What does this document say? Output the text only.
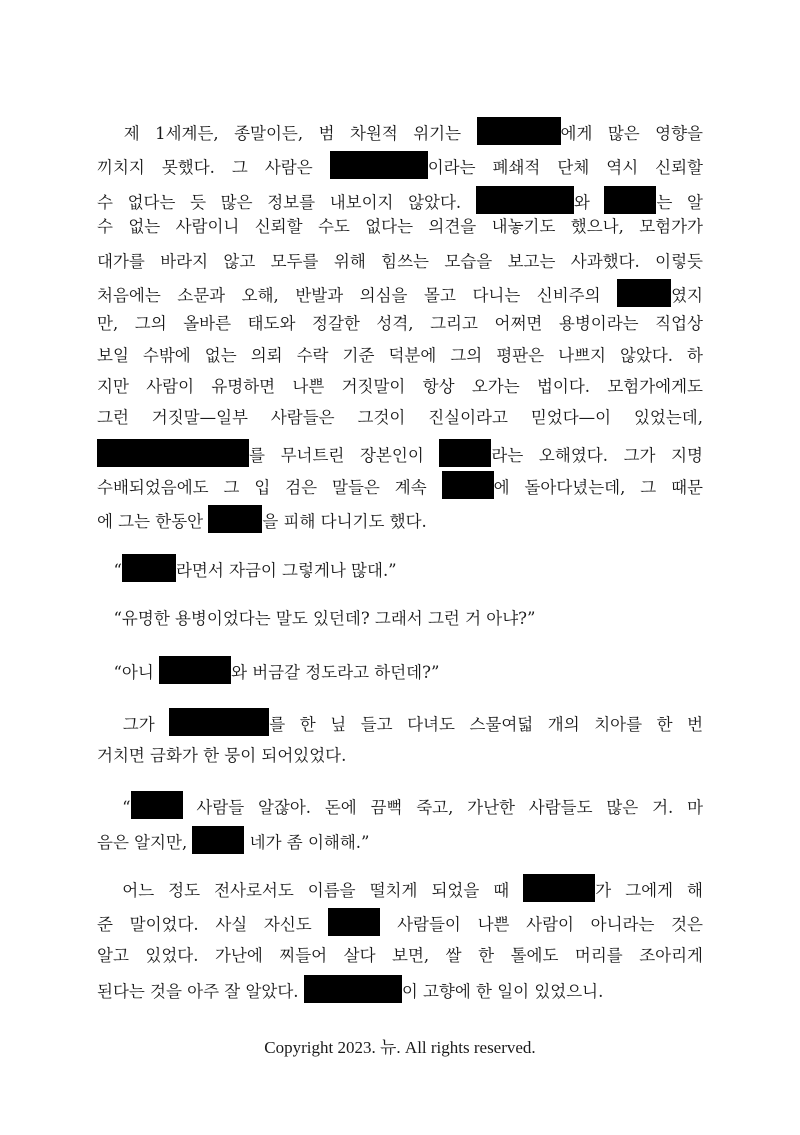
　제 1세계든, 종말이든, 범 차원적 위기는	에게 많은 영향을
끼치지 못했다. 그 사람은	이라는 폐쇄적 단체 역시 신뢰할
수 없다는 듯 많은 정보를 내보이지 않았다.	와	는 알
수 없는 사람이니 신뢰할 수도 없다는 의견을 내놓기도 했으나, 모험가가
대가를 바라지 않고 모두를 위해 힘쓰는 모습을 보고는 사과했다. 이렇듯
처음에는 소문과 오해, 반발과 의심을 몰고 다니는 신비주의	였지
만, 그의 올바른 태도와 정갈한 성격, 그리고 어쩌면 용병이라는 직업상
보일 수밖에 없는 의뢰 수락 기준 덕분에 그의 평판은 나쁘지 않았다. 하
지만 사람이 유명하면 나쁜 거짓말이 항상 오가는 법이다. 모험가에게도
그런 거짓말—일부 사람들은 그것이 진실이라고 믿었다—이 있었는데,
를 무너트린 장본인이	라는 오해였다. 그가 지명
수배되었음에도 그 입 검은 말들은 계속	에 돌아다녔는데, 그 때문
에 그는 한동안	을 피해 다니기도 했다.
　“	라면서 자금이 그렇게나 많대.”
　“유명한 용병이었다는 말도 있던데? 그래서 그런 거 아냐?”
　“아니	와 버금갈 정도라고 하던데?”
　그가	를 한 닢 들고 다녀도 스물여덟 개의 치아를 한 번
거치면 금화가 한 뭉이 되어있었다.
　“	사람들 알잖아. 돈에 끔뻑 죽고, 가난한 사람들도 많은 거. 마
음은 알지만,	네가 좀 이해해.”
　어느 정도 전사로서도 이름을 떨치게 되었을 때	가 그에게 해
준 말이었다. 사실 자신도	사람들이 나쁜 사람이 아니라는 것은
알고 있었다. 가난에 찌들어 살다 보면, 쌀 한 톨에도 머리를 조아리게
된다는 것을 아주 잘 알았다.	이 고향에 한 일이 있었으니.
Copyright 2023. 뉴. All rights reserved.
